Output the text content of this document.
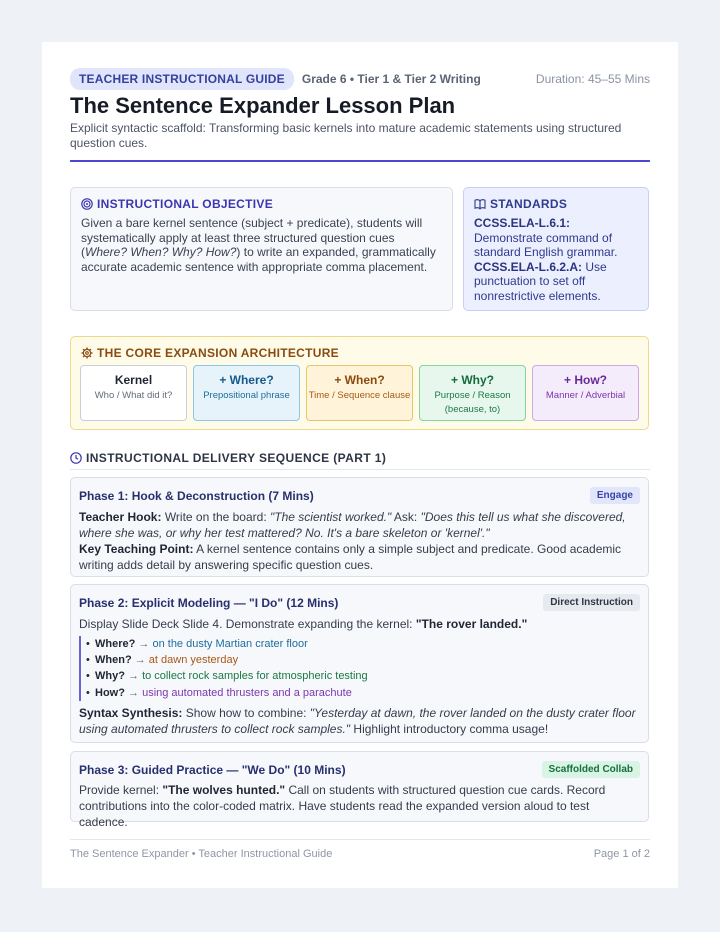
TEACHER INSTRUCTIONAL GUIDE	Grade 6 • Tier 1 & Tier 2 Writing	Duration: 45–55 Mins
The Sentence Expander Lesson Plan
Explicit syntactic scaffold: Transforming basic kernels into mature academic statements using structured question cues.
INSTRUCTIONAL OBJECTIVE

Given a bare kernel sentence (subject + predicate), students will systematically apply at least three structured question cues (Where? When? Why? How?) to write an expanded, grammatically accurate academic sentence with appropriate comma placement.

STANDARDS

CCSS.ELA-L.6.1: Demonstrate command of standard English grammar.
CCSS.ELA-L.6.2.A: Use punctuation to set off nonrestrictive elements.

THE CORE EXPANSION ARCHITECTURE
Kernel
Who / What did it?
+ Where?
Prepositional phrase
+ When?
Time / Sequence clause
+ Why?
Purpose / Reason (because, to)
+ How?
Manner / Adverbial
INSTRUCTIONAL DELIVERY SEQUENCE (PART 1)
Phase 1: Hook & Deconstruction (7 Mins)	Engage

Teacher Hook: Write on the board: "The scientist worked." Ask: "Does this tell us what she discovered, where she was, or why her test mattered? No. It's a bare skeleton or 'kernel'."

Key Teaching Point: A kernel sentence contains only a simple subject and predicate. Good academic writing adds detail by answering specific question cues.

Phase 2: Explicit Modeling — "I Do" (12 Mins)	Direct Instruction

Display Slide Deck Slide 4. Demonstrate expanding the kernel: "The rover landed."

• Where? → on the dusty Martian crater floor
• When? → at dawn yesterday
• Why? → to collect rock samples for atmospheric testing
• How? → using automated thrusters and a parachute

Syntax Synthesis: Show how to combine: "Yesterday at dawn, the rover landed on the dusty crater floor using automated thrusters to collect rock samples." Highlight introductory comma usage!

Phase 3: Guided Practice — "We Do" (10 Mins)	Scaffolded Collab

Provide kernel: "The wolves hunted." Call on students with structured question cue cards. Record contributions into the color-coded matrix. Have students read the expanded version aloud to test cadence.

The Sentence Expander • Teacher Instructional Guide	Page 1 of 2
